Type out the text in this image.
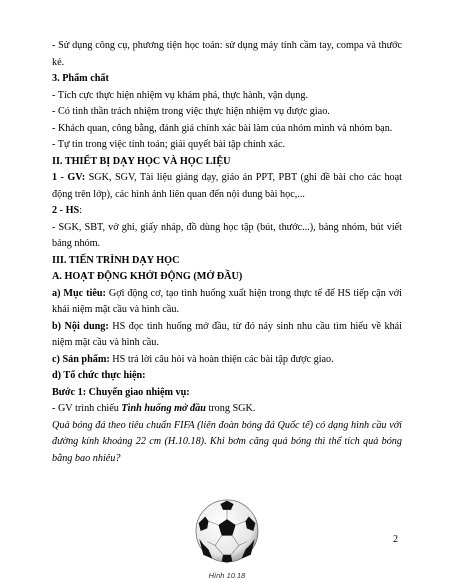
- Sử dụng công cụ, phương tiện học toán: sử dụng máy tính cầm tay, compa và thước kẻ.

3. Phẩm chất

- Tích cực thực hiện nhiệm vụ khám phá, thực hành, vận dụng.

- Có tinh thần trách nhiệm trong việc thực hiện nhiệm vụ được giao.

- Khách quan, công bằng, đánh giá chính xác bài làm của nhóm mình và nhóm bạn.

- Tự tin trong việc tính toán; giải quyết bài tập chính xác.

II. THIẾT BỊ DẠY HỌC VÀ HỌC LIỆU

1 - GV: SGK, SGV, Tài liệu giảng dạy, giáo án PPT, PBT (ghi đề bài cho các hoạt động trên lớp), các hình ảnh liên quan đến nội dung bài học,...

2 - HS:

- SGK, SBT, vở ghi, giấy nháp, đồ dùng học tập (bút, thước...), bảng nhóm, bút viết bảng nhóm.

III. TIẾN TRÌNH DẠY HỌC

A. HOẠT ĐỘNG KHỞI ĐỘNG (MỞ ĐẦU)

a) Mục tiêu: Gợi động cơ, tạo tình huống xuất hiện trong thực tế để HS tiếp cận với khái niệm mặt cầu và hình cầu.

b) Nội dung: HS đọc tình huống mở đầu, từ đó nảy sinh nhu cầu tìm hiểu về khái niệm mặt cầu và hình cầu.

c) Sản phẩm: HS trả lời câu hỏi và hoàn thiện các bài tập được giao.

d) Tổ chức thực hiện:

Bước 1: Chuyển giao nhiệm vụ:

- GV trình chiếu Tình huống mở đầu trong SGK.

Quả bóng đá theo tiêu chuẩn FIFA (liên đoàn bóng đá Quốc tế) có dạng hình cầu với đường kính khoảng 22 cm (H.10.18). Khi bơm căng quả bóng thì thể tích quả bóng bằng bao nhiêu?

Hình 10.18
2
